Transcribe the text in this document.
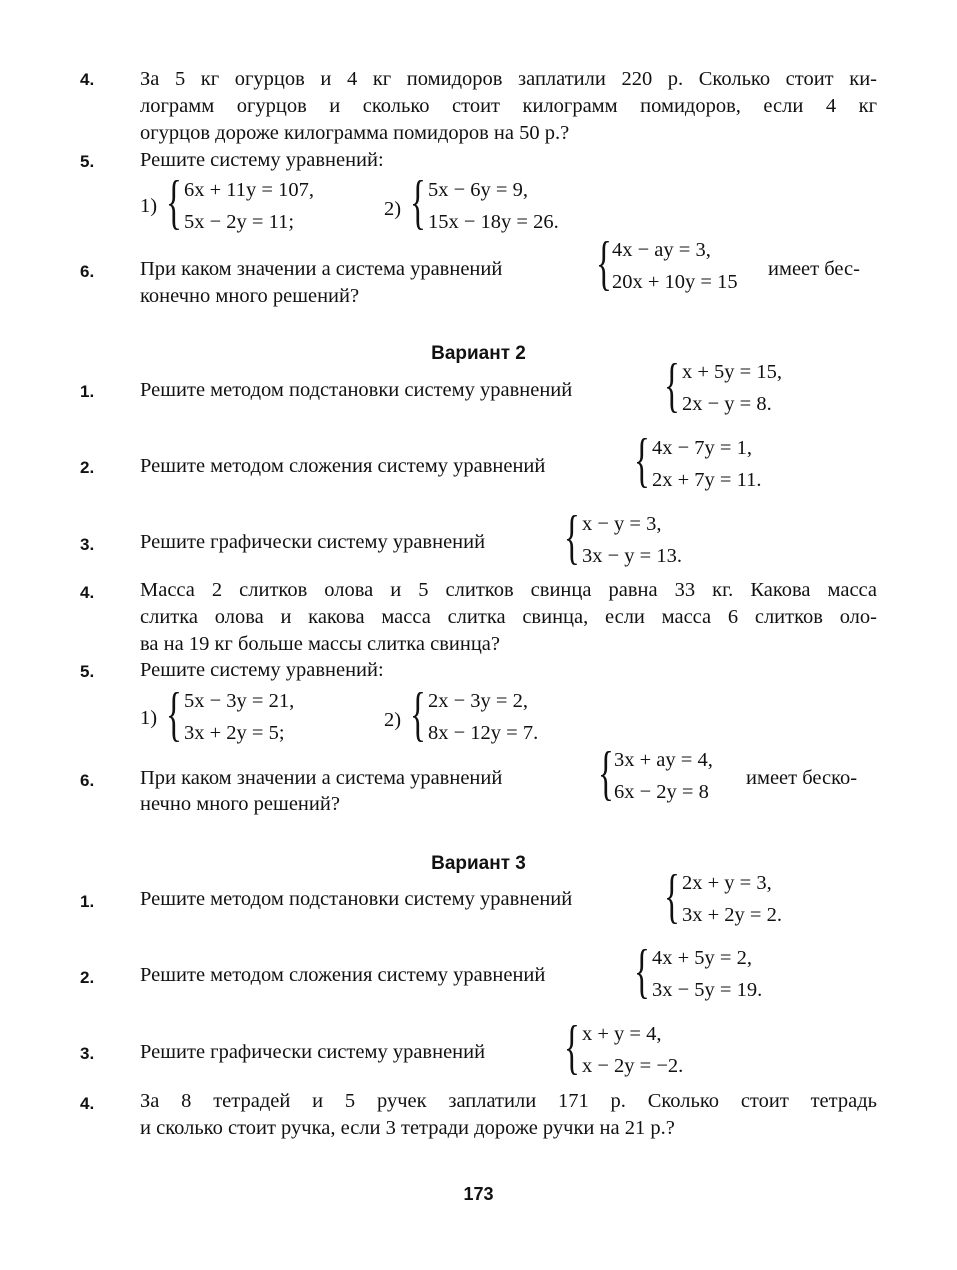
4.	За 5 кг огурцов и 4 кг помидоров заплатили 220 р. Сколько стоит ки-
лограмм огурцов и сколько стоит килограмм помидоров, если 4 кг
огурцов дороже килограмма помидоров на 50 р.?
5.	Решите систему уравнений:
1) { 6x + 11y = 107,
5x − 2y = 11;
2) { 5x − 6y = 9,
15x − 18y = 26.
6.	При каком значении a система уравнений { 4x − ay = 3,
20x + 10y = 15
имеет бес-
конечно много решений?
Вариант 2
1.	Решите методом подстановки систему уравнений { x + 5y = 15,
2x − y = 8.
2.	Решите методом сложения систему уравнений { 4x − 7y = 1,
2x + 7y = 11.
3.	Решите графически систему уравнений { x − y = 3,
3x − y = 13.
4.	Масса 2 слитков олова и 5 слитков свинца равна 33 кг. Какова масса
слитка олова и какова масса слитка свинца, если масса 6 слитков оло-
ва на 19 кг больше массы слитка свинца?
5.	Решите систему уравнений:
1) { 5x − 3y = 21,
3x + 2y = 5;
2) { 2x − 3y = 2,
8x − 12y = 7.
6.	При каком значении a система уравнений { 3x + ay = 4,
6x − 2y = 8
имеет беско-
нечно много решений?
Вариант 3
1.	Решите методом подстановки систему уравнений { 2x + y = 3,
3x + 2y = 2.
2.	Решите методом сложения систему уравнений { 4x + 5y = 2,
3x − 5y = 19.
3.	Решите графически систему уравнений { x + y = 4,
x − 2y = −2.
4.	За 8 тетрадей и 5 ручек заплатили 171 р. Сколько стоит тетрадь
и сколько стоит ручка, если 3 тетради дороже ручки на 21 р.?
173
